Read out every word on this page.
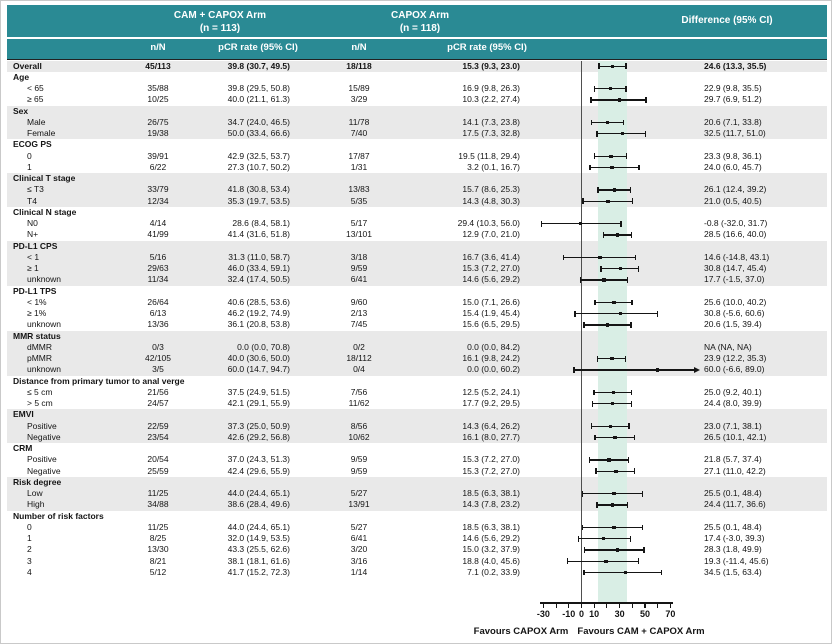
CAM + CAPOX Arm
(n = 113)
CAPOX Arm
(n = 118)
Difference (95% CI)
n/N	pCR rate (95% CI)	n/N	pCR rate (95% CI)
Overall	45/113	39.8 (30.7, 49.5)	18/118	15.3 (9.3, 23.0)	24.6 (13.3, 35.5)
Age
< 65	35/88	39.8 (29.5, 50.8)	15/89	16.9 (9.8, 26.3)	22.9 (9.8, 35.5)
≥ 65	10/25	40.0 (21.1, 61.3)	3/29	10.3 (2.2, 27.4)	29.7 (6.9, 51.2)
Sex
Male	26/75	34.7 (24.0, 46.5)	11/78	14.1 (7.3, 23.8)	20.6 (7.1, 33.8)
Female	19/38	50.0 (33.4, 66.6)	7/40	17.5 (7.3, 32.8)	32.5 (11.7, 51.0)
ECOG PS
0	39/91	42.9 (32.5, 53.7)	17/87	19.5 (11.8, 29.4)	23.3 (9.8, 36.1)
1	6/22	27.3 (10.7, 50.2)	1/31	3.2 (0.1, 16.7)	24.0 (6.0, 45.7)
Clinical T stage
≤ T3	33/79	41.8 (30.8, 53.4)	13/83	15.7 (8.6, 25.3)	26.1 (12.4, 39.2)
T4	12/34	35.3 (19.7, 53.5)	5/35	14.3 (4.8, 30.3)	21.0 (0.5, 40.5)
Clinical N stage
N0	4/14	28.6 (8.4, 58.1)	5/17	29.4 (10.3, 56.0)	-0.8 (-32.0, 31.7)
N+	41/99	41.4 (31.6, 51.8)	13/101	12.9 (7.0, 21.0)	28.5 (16.6, 40.0)
PD-L1 CPS
< 1	5/16	31.3 (11.0, 58.7)	3/18	16.7 (3.6, 41.4)	14.6 (-14.8, 43.1)
≥ 1	29/63	46.0 (33.4, 59.1)	9/59	15.3 (7.2, 27.0)	30.8 (14.7, 45.4)
unknown	11/34	32.4 (17.4, 50.5)	6/41	14.6 (5.6, 29.2)	17.7 (-1.5, 37.0)
PD-L1 TPS
< 1%	26/64	40.6 (28.5, 53.6)	9/60	15.0 (7.1, 26.6)	25.6 (10.0, 40.2)
≥ 1%	6/13	46.2 (19.2, 74.9)	2/13	15.4 (1.9, 45.4)	30.8 (-5.6, 60.6)
unknown	13/36	36.1 (20.8, 53.8)	7/45	15.6 (6.5, 29.5)	20.6 (1.5, 39.4)
MMR status
dMMR	0/3	0.0 (0.0, 70.8)	0/2	0.0 (0.0, 84.2)	NA (NA, NA)
pMMR	42/105	40.0 (30.6, 50.0)	18/112	16.1 (9.8, 24.2)	23.9 (12.2, 35.3)
unknown	3/5	60.0 (14.7, 94.7)	0/4	0.0 (0.0, 60.2)	60.0 (-6.6, 89.0)
Distance from primary tumor to anal verge
≤ 5 cm	21/56	37.5 (24.9, 51.5)	7/56	12.5 (5.2, 24.1)	25.0 (9.2, 40.1)
> 5 cm	24/57	42.1 (29.1, 55.9)	11/62	17.7 (9.2, 29.5)	24.4 (8.0, 39.9)
EMVI
Positive	22/59	37.3 (25.0, 50.9)	8/56	14.3 (6.4, 26.2)	23.0 (7.1, 38.1)
Negative	23/54	42.6 (29.2, 56.8)	10/62	16.1 (8.0, 27.7)	26.5 (10.1, 42.1)
CRM
Positive	20/54	37.0 (24.3, 51.3)	9/59	15.3 (7.2, 27.0)	21.8 (5.7, 37.4)
Negative	25/59	42.4 (29.6, 55.9)	9/59	15.3 (7.2, 27.0)	27.1 (11.0, 42.2)
Risk degree
Low	11/25	44.0 (24.4, 65.1)	5/27	18.5 (6.3, 38.1)	25.5 (0.1, 48.4)
High	34/88	38.6 (28.4, 49.6)	13/91	14.3 (7.8, 23.2)	24.4 (11.7, 36.6)
Number of risk factors
0	11/25	44.0 (24.4, 65.1)	5/27	18.5 (6.3, 38.1)	25.5 (0.1, 48.4)
1	8/25	32.0 (14.9, 53.5)	6/41	14.6 (5.6, 29.2)	17.4 (-3.0, 39.3)
2	13/30	43.3 (25.5, 62.6)	3/20	15.0 (3.2, 37.9)	28.3 (1.8, 49.9)
3	8/21	38.1 (18.1, 61.6)	3/16	18.8 (4.0, 45.6)	19.3 (-11.4, 45.6)
4	5/12	41.7 (15.2, 72.3)	1/14	7.1 (0.2, 33.9)	34.5 (1.5, 63.4)
-30	-10 0 10	30	50	70
Favours CAPOX Arm Favours CAM + CAPOX Arm
